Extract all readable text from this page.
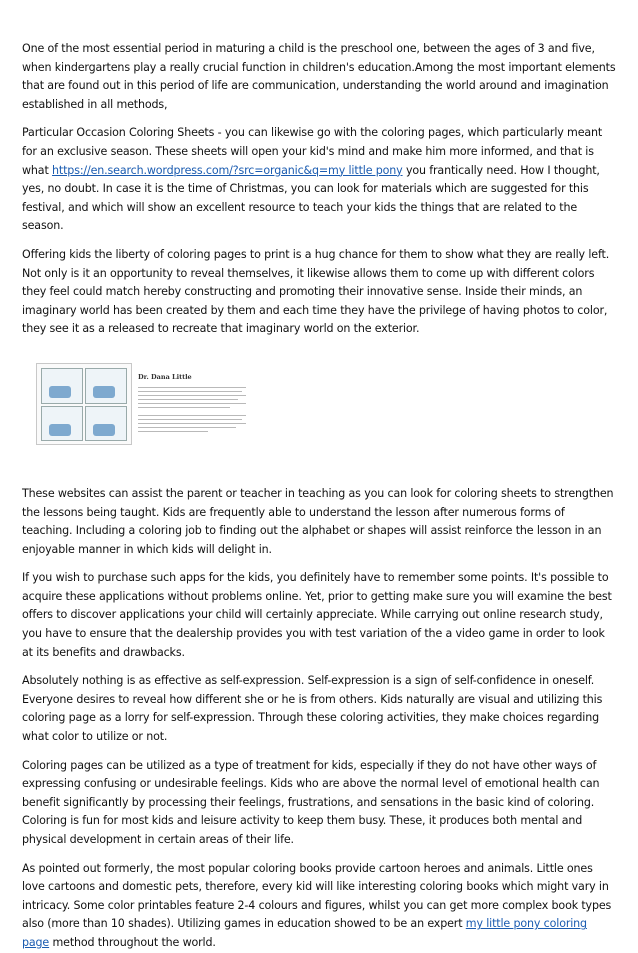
One of the most essential period in maturing a child is the preschool one, between the ages of 3 and five, when kindergartens play a really crucial function in children's education.Among the most important elements that are found out in this period of life are communication, understanding the world around and imagination established in all methods,

Particular Occasion Coloring Sheets - you can likewise go with the coloring pages, which particularly meant for an exclusive season. These sheets will open your kid's mind and make him more informed, and that is what https://en.search.wordpress.com/?src=organic&q=my little pony you frantically need. How I thought, yes, no doubt. In case it is the time of Christmas, you can look for materials which are suggested for this festival, and which will show an excellent resource to teach your kids the things that are related to the season.

Offering kids the liberty of coloring pages to print is a hug chance for them to show what they are really left. Not only is it an opportunity to reveal themselves, it likewise allows them to come up with different colors they feel could match hereby constructing and promoting their innovative sense. Inside their minds, an imaginary world has been created by them and each time they have the privilege of having photos to color, they see it as a released to recreate that imaginary world on the exterior.

Dr. Dana Little

These websites can assist the parent or teacher in teaching as you can look for coloring sheets to strengthen the lessons being taught. Kids are frequently able to understand the lesson after numerous forms of teaching. Including a coloring job to finding out the alphabet or shapes will assist reinforce the lesson in an enjoyable manner in which kids will delight in.

If you wish to purchase such apps for the kids, you definitely have to remember some points. It's possible to acquire these applications without problems online. Yet, prior to getting make sure you will examine the best offers to discover applications your child will certainly appreciate. While carrying out online research study, you have to ensure that the dealership provides you with test variation of the a video game in order to look at its benefits and drawbacks.

Absolutely nothing is as effective as self-expression. Self-expression is a sign of self-confidence in oneself. Everyone desires to reveal how different she or he is from others. Kids naturally are visual and utilizing this coloring page as a lorry for self-expression. Through these coloring activities, they make choices regarding what color to utilize or not.

Coloring pages can be utilized as a type of treatment for kids, especially if they do not have other ways of expressing confusing or undesirable feelings. Kids who are above the normal level of emotional health can benefit significantly by processing their feelings, frustrations, and sensations in the basic kind of coloring. Coloring is fun for most kids and leisure activity to keep them busy. These, it produces both mental and physical development in certain areas of their life.

As pointed out formerly, the most popular coloring books provide cartoon heroes and animals. Little ones love cartoons and domestic pets, therefore, every kid will like interesting coloring books which might vary in intricacy. Some color printables feature 2-4 colours and figures, whilst you can get more complex book types also (more than 10 shades). Utilizing games in education showed to be an expert my little pony coloring page method throughout the world.
